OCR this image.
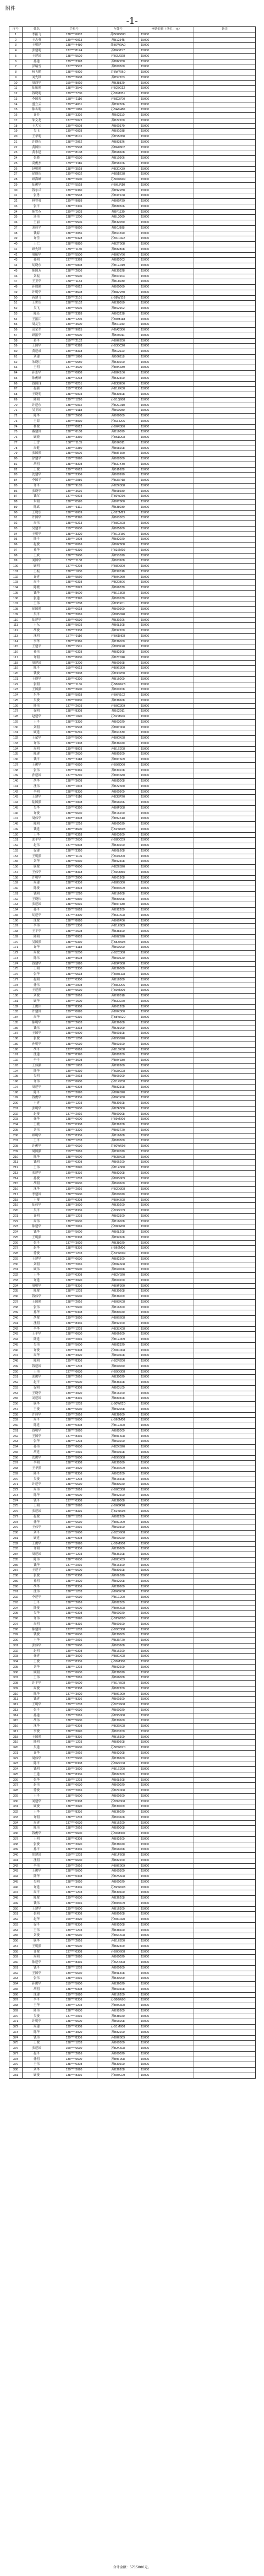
附件
-1-
序号	姓名	手机号	车牌号	补贴金额（单位：元）	备注
1	李振飞	138****6002	苏B086800	15000	
2	王志勇	139****0013	苏B12345	15000	
3	王明建	138****4480	苏B9W0A0	15000	
4	张建明	137****8124	苏B608Y7	15000	
5	王建国	138****5520	苏B3U028	15000	
6	孙建	139****3328	苏B8Z260	15000	
7	彭瑞雪	137****9502	苏B00500	15000	
8	杨飞鹏	138****9920	苏BW7960	15000	
9	刘先锋	139****3608	苏B57203	15000	
10	周润华	159****8010	苏B38829	15000	
11	陆振强	138****3540	苏B25G12	15000	
12	钱晓明	139****7700	苏B9M051	15000	
13	李国荣	138****2110	苏BD3700	15000	
14	盛立云	139****4031	苏B92306	15000	
15	陈冬明	138****1086	苏BA6H80	15000	
16	许芳	138****3326	苏B82110	15000	
17	朱文龙	137****5072	苏B22200	15000	
18	王大宝	139****0508	苏B00370	15000	
19	吴飞	139****6028	苏B91038	15000	
20	王华明	138****8101	苏BS5058	15000	
21	许晓东	138****2062	苏B83826	15000	
22	黄国伟	139****5508	苏BE0802	15000	
23	黄永建	159****8108	苏B68608	15000	
24	张晓	138****6530	苏B10906	15000	
25	高俊杰	139****2116	苏B58106	15000	
26	赵明强	138****3518	苏B30X39	15000	
27	徐晓东	139****6602	苏B51E38	15000	
28	顾海峰	138****2600	苏B00W09	15000	
29	陆俊华	137****5518	苏B6LR10	15000	
30	钱东兴	139****6360	苏B9Z280	15000	
31	张勇	138****5538	苏B3Y168	15000	
32	林智勇	139****9089	苏B09F39	15000	
33	张平	138****2306	苏B89506	15000	
34	陈雪芬	139****1603	苏BF1130	15000	
35	汤伟	138****1200	苏BL3060	15000	
36	王丽	139****5506	苏B32050	15000	
37	刘伟平	159****8020	苏B0J888	15000	
38	钱海	138****3056	苏B61390	15000	
39	许佳	139****0328	苏BC1022	15000	
40	王仁	138****8820	苏B2T008	15000	
41	顾先锋	139****1130	苏B82808	15000	
42	周振华	139****5500	苏B08Y66	15000	
43	孙明	137****3368	苏B82003	15000	
44	胡晓东	139****6808	苏B1E019	15000	
45	陈国芳	138****2036	苏B30328	15000	
46	刘振	139****5600	苏B01903	15000	
47	王卫华	138****1183	苏BL8030	15000	
48	孙晓强	139****6012	苏B00060	15000	
49	许明华	138****8608	苏B82V80	15000	
50	蒋建飞	139****2101	苏B8W118	15000	
51	王世东	138****5102	苏B38050	15000	
52	吴飞	139****6506	苏B62902	15000	
53	陈亮	138****3328	苏B03238	15000	
54	王振江	138****1205	苏B0M118	15000	
55	周友生	139****3600	苏B61190	15000	
56	高荣军	138****9015	苏BA2306	15000	
57	顾振华	139****0600	苏B59011	15000	
58	蒋平	159****2132	苏B0E200	15000	
59	王国华	138****0328	苏B30C20	15000	
60	黄建成	139****8318	苏B02110	15000	
61	刘建	138****1086	苏B66118	15000	
62	朱晓红	139****6550	苏B30200	15000	
63	王明	137****3600	苏B0K339	15000	
64	孙志华	139****0808	苏B8X106	15000	
65	陈俊峰	138****2218	苏B32300	15000	
66	钱国良	139****6201	苏B38E06	15000	
67	赵强	159****8336	苏B12K00	15000	
68	王晓明	138****5003	苏B30508	15000	
69	陆明	139****1220	苏B1Q688	15000	
70	许建东	138****6032	苏B2E010	15000	
71	吴卫国	139****9118	苏B60080	15000	
72	陈华	138****2608	苏B08009	15000	
73	王海	139****8030	苏B3H206	15000	
74	杨俊	137****0012	苏B6R380	15000	
75	戴建国	138****6108	苏B16099	15000	
76	顾晓	139****3360	苏B51D08	15000	
77	王雪	138****1105	苏B96011	15000	
78	周健	139****2380	苏B08208	15000	
79	张国强	138****5506	苏B8F360	15000	
80	徐建平	159****3020	苏B02000	15000	
81	胡明	138****8308	苏B30Y30	15000	
82	王俊	139****0613	苏B11628	15000	
83	沈建华	138****3306	苏B00990	15000	
84	李国平	139****2086	苏B36P18	15000	
85	许平	138****9105	苏B2E308	15000	
86	张晓华	139****3636	苏B08680	15000	
87	钱军	137****6003	苏B9W205	15000	
88	朱明	138****0520	苏B0T860	15000	
89	陈斌	139****3111	苏B38030	15000	
90	王晓东	138****6009	苏B20M29	15000	
91	许国华	139****8320	苏B61003	15000	
92	周伟	138****5213	苏B8C608	15000	
93	吴建军	159****0630	苏B05600	15000	
94	王明华	138****3320	苏B10R36	15000	
95	陆平	139****1008	苏B82020	15000	
96	赵俊	138****6016	苏B0Z808	15000	
97	孙华	139****9330	苏B36M10	15000	
98	王斌	138****2600	苏B51020	15000	
99	刘国华	139****1188	苏B03908	15000	
100	顾明	137****6208	苏B8D300	15000	
101	王振	138****1030	苏B92018	15000	
102	许建	139****5560	苏B0X960	15000	
103	周平	138****0338	苏B20B06	15000	
104	陈晓	139****3023	苏B66330	15000	
105	钱华	138****8600	苏B1E808	15000	
106	张建	159****3320	苏B00180	15000	
107	王伟	138****1208	苏B38X01	15000	
108	徐国强	139****6618	苏B60900	15000	
109	吴平	138****3016	苏B8S028	15000	
110	陆建华	139****0530	苏B30206	15000	
111	王东	138****5603	苏B0L308	15000	
112	胡俊	139****2338	苏B92200	15000	
113	沈明	137****9110	苏B61N08	15000	
114	李华	138****0366	苏B36000	15000	
115	王建平	139****1501	苏B03K20	15000	
116	孙伟	138****6328	苏B82908	15000	
117	许明	139****8030	苏B2T018	15000	
118	周建国	138****3200	苏B00668	15000	
119	陈平	159****0613	苏B9E300	15000	
120	钱俊	138****2008	苏B30P60	15000	
121	王晓华	139****6320	苏B16009	15000	
122	张明	138****1136	苏B80W28	15000	
123	王国强	139****3600	苏B00208	15000	
124	朱华	138****5018	苏B6R102	15000	
125	吴俊	139****0830	苏B38608	15000	
126	陆伟	137****2603	苏B0C309	15000	
127	徐明	138****8308	苏B92011	15000	
128	赵建华	139****1020	苏B2M606	15000	
129	王平	138****3330	苏B03020	15000	
130	刘明	139****6508	苏B8Y008	15000	
131	顾建	138****0216	苏B61330	15000	
132	王斌华	159****5600	苏B00K68	15000	
133	许伟	138****1308	苏B36020	15000	
134	周明	139****8003	苏B1E208	15000	
135	陈建	138****2630	苏B80300	15000	
136	钱平	139****3118	苏B0T609	15000	
137	王俊华	138****6020	苏B92D00	15000	
138	张伟	139****0366	苏B30108	15000	
139	孙建国	137****5210	苏B06S80	15000	
140	胡华	138****3608	苏B82008	15000	
141	沈伟	139****1003	苏B2Z360	15000	
142	李明	138****8330	苏B00909	15000	
143	王建华	139****6110	苏B38P20	15000	
144	陆国强	138****2008	苏B66006	15000	
145	吴华	159****0320	苏B0F308	15000	
146	许俊	138****5630	苏B16200	15000	
147	周伟华	139****3008	苏B92X18	15000	
148	陈明	138****1216	苏B60030	15000	
149	钱建	139****8600	苏B1W608	15000	
150	王华	138****0318	苏B03600	15000	
151	张平华	139****2630	苏B80C09	15000	
152	赵伟	137****6008	苏B30200	15000	
153	徐建	138****3320	苏B0L608	15000	
154	王明强	139****1106	苏B36R00	15000	
155	刘华	138****5030	苏B92308	15000	
156	顾俊	139****0600	苏B2E020	15000	
157	王伟华	138****8318	苏B00M60	15000	
158	许明华	159****2000	苏B61908	15000	
159	周建	138****6336	苏B8S300	15000	
160	陈俊	139****3003	苏B03K09	15000	
161	钱明	138****1220	苏B16608	15000	
162	王晓伟	139****6830	苏B80008	15000	
163	张建国	138****0016	苏B0T330	15000	
164	孙平	139****5618	苏B92200	15000	
165	胡建华	137****3300	苏B30X08	15000	
166	沈俊	138****8020	苏B66F06	15000	
167	李伟	139****1336	苏B1E009	15000	
168	王平华	138****2608	苏B38300	15000	
169	陆明	139****6003	苏B0Z620	15000	
170	吴国强	138****0330	苏B82W08	15000	
171	许华	159****3118	苏B60000	15000	
172	周俊	138****5200	苏B2C308	15000	
173	陈伟	139****8608	苏B00620	15000	
174	钱建华	138****1020	苏B9P008	15000	
175	王明	139****3330	苏B36060	15000	
176	张华	138****6518	苏B03R28	15000	
177	赵明	137****0300	苏B16300	15000	
178	徐伟	138****2008	苏B80D06	15000	
179	王建强	139****5630	苏B0M909	15000	
180	刘俊	138****3016	苏B92018	15000	
181	顾华	139****1600	苏B30E60	15000	
182	王俊伟	138****8308	苏B61208	15000	
183	许建国	139****0020	苏B0X300	15000	
184	周华	159****6336	苏B8W020	15000	
185	陈明华	138****2603	苏B36608	15000	
186	钱伟	139****3318	苏B2L009	15000	
187	王国华	138****5000	苏B00308	15000	
188	张俊	139****1208	苏B9S620	15000	
189	孙明华	138****6630	苏B03600	15000	
190	胡平	137****0016	苏B16K08	15000	
191	沈建	138****8320	苏B80200	15000	
192	李平	139****3608	苏B0Y330	15000	
193	王伟强	138****1003	苏B92600	15000	
194	陆华	139****5330	苏B38C08	15000	
195	吴明	138****2018	苏B66009	15000	
196	许伟	159****6600	苏B1R200	15000	
197	周建华	138****0308	苏B82308	15000	
198	陈平	139****3020	苏B0E020	15000	
199	钱俊华	138****8336	苏B60X60	15000	
200	王建	139****1203	苏B30608	15000	
201	张明华	138****5630	苏B2F300	15000	
202	赵俊	137****2016	苏B00008	15000	
203	徐华	138****6600	苏B9M009	15000	
204	王晓	139****0308	苏B36208	15000	
205	刘伟	138****3320	苏B03T20	15000	
206	顾明华	139****8336	苏B16608	15000	
207	王平	138****1203	苏B80300	15000	
208	许俊华	139****6630	苏B0W608	15000	
209	周国强	159****2016	苏B92020	15000	
210	陈华	138****5600	苏B38K08	15000	
211	钱明	139****0308	苏B66200	15000	
212	王伟	138****3020	苏B1E360	15000	
213	张建华	139****8336	苏B82008	15000	
214	孙俊	137****1203	苏B0S009	15000	
215	胡明	138****6630	苏B60600	15000	
216	沈华	139****2016	苏B2D308	15000	
217	李建国	138****5600	苏B00020	15000	
218	王俊	139****0308	苏B9X608	15000	
219	陆伟华	138****3020	苏B30200	15000	
220	吴平	159****8336	苏B36C09	15000	
221	许明	138****1203	苏B03300	15000	
222	周伟	139****6630	苏B16008	15000	
223	陈建华	138****2016	苏B80R60	15000	
224	钱华	139****5600	苏B0L208	15000	
225	王明强	138****0308	苏B92608	15000	
226	张平	137****3020	苏B38020	15000	
227	赵华	138****8336	苏B66M00	15000	
228	徐俊	139****1203	苏B1W009	15000	
229	王建华	138****6630	苏B82300	15000	
230	刘明	139****2016	苏B0E608	15000	
231	顾伟	138****5600	苏B60008	15000	
232	王华	159****0308	苏B2Y020	15000	
233	许建	138****3020	苏B00200	15000	
234	周明华	139****8336	苏B9F360	15000	
235	陈俊	138****1203	苏B30608	15000	
236	钱伟华	139****6630	苏B36009	15000	
237	王国强	138****2016	苏B03K08	15000	
238	张伟	137****5600	苏B16300	15000	
239	孙华	138****0308	苏B80020	15000	
240	胡俊	139****3020	苏B0S608	15000	
241	沈明	138****8336	苏B92200	15000	
242	李华	139****1203	苏B38X08	15000	
243	王平华	138****6630	苏B66600	15000	
244	陆建	159****2016	苏B1E009	15000	
245	吴伟	138****5600	苏B82320	15000	
246	许俊	139****0308	苏B0C008	15000	
247	周华	138****3020	苏B60608	15000	
248	陈明	139****8336	苏B2R200	15000	
249	钱建国	138****1203	苏B00060	15000	
250	王伟	137****6630	苏B9D308	15000	
251	张俊华	138****2016	苏B30020	15000	
252	赵平	139****5600	苏B36608	15000	
253	徐明	138****0308	苏B03L09	15000	
254	王晓华	139****3020	苏B16200	15000	
255	刘建国	138****8336	苏B80308	15000	
256	顾华	159****1203	苏B0W020	15000	
257	王俊	138****6630	苏B92008	15000	
258	许伟华	139****2016	苏B38600	15000	
259	周平	138****5600	苏B66M08	15000	
260	陈建	139****0308	苏B1E300	15000	
261	钱明华	138****3020	苏B82009	15000	
262	王国华	137****8336	苏B0F608	15000	
263	张华	138****1203	苏B60200	15000	
264	孙伟	139****6630	苏B2X020	15000	
265	胡建	138****2016	苏B00608	15000	
266	沈俊华	139****5600	苏B9S008	15000	
267	李明	138****0308	苏B30360	15000	
268	王华强	159****3020	苏B36K09	15000	
269	陆平	138****8336	苏B03200	15000	
270	吴俊	139****1203	苏B16608	15000	
271	许建华	138****6630	苏B80020	15000	
272	周伟	139****2016	苏B0C308	15000	
273	陈华	138****5600	苏B92600	15000	
274	钱平	137****0308	苏B38008	15000	
275	王明	138****3020	苏B66R20	15000	
276	张建国	139****8336	苏B1W608	15000	
277	赵俊	138****1203	苏B82200	15000	
278	徐华	139****6630	苏B0E009	15000	
279	王伟华	138****2016	苏B60300	15000	
280	刘平	159****5600	苏B2D608	15000	
281	顾建	138****0308	苏B00020	15000	
282	王俊华	139****3020	苏B9M008	15000	
283	许明	138****8336	苏B30600	15000	
284	周建国	139****1203	苏B36208	15000	
285	陈伟	138****6630	苏B03X09	15000	
286	钱华	137****2016	苏B16300	15000	
287	王建平	138****5600	苏B80608	15000	
288	张俊	139****0308	苏B0L020	15000	
289	孙明	138****3020	苏B92008	15000	
290	胡华	139****8336	苏B38600	15000	
291	沈伟	138****1203	苏B66K08	15000	
292	李建华	159****6630	苏B1E200	15000	
293	王平	138****2016	苏B82309	15000	
294	陆俊	139****5600	苏B0S608	15000	
295	吴华	138****0308	苏B60020	15000	
296	许伟	139****3020	苏B2W008	15000	
297	周明	138****8336	苏B00600	15000	
298	陈建国	137****1203	苏B9C308	15000	
299	钱俊	138****6630	苏B30009	15000	
300	王华	139****2016	苏B36F20	15000	
301	张伟华	138****5600	苏B03608	15000	
302	赵明	139****0308	苏B16200	15000	
303	徐建	138****3020	苏B80X08	15000	
304	王俊	159****8336	苏B0M300	15000	
305	刘华	138****1203	苏B92609	15000	
306	顾明	139****6630	苏B38020	15000	
307	王伟	138****2016	苏B66008	15000	
308	许平华	139****5600	苏B1R608	15000	
309	周俊	138****0308	苏B82200	15000	
310	陈华	137****3020	苏B0E009	15000	
311	钱建	138****8336	苏B60300	15000	
312	王明华	139****1203	苏B2D608	15000	
313	张平	138****6630	苏B00020	15000	
314	孙建	139****2016	苏B9S008	15000	
315	胡伟	138****5600	苏B30600	15000	
316	沈华	159****0308	苏B36K08	15000	
317	李俊	138****3020	苏B03200	15000	
318	王国强	139****8336	苏B16309	15000	
319	陆明	138****1203	苏B80608	15000	
320	吴建	139****6630	苏B0W020	15000	
321	许华	138****2016	苏B92008	15000	
322	周伟华	137****5600	苏B38600	15000	
323	陈平	138****0308	苏B66C08	15000	
324	钱明	139****3020	苏B1E200	15000	
325	王建	138****8336	苏B82309	15000	
326	张华	139****1203	苏B0L608	15000	
327	赵伟	138****6630	苏B60020	15000	
328	徐俊	159****2016	苏B2X008	15000	
329	王平	138****5600	苏B00600	15000	
330	刘建华	139****0308	苏B9R308	15000	
331	顾俊	138****3020	苏B30009	15000	
332	王华	139****8336	苏B36020	15000	
333	许明	138****1203	苏B03608	15000	
334	周建	137****6630	苏B16200	15000	
335	陈伟	138****2016	苏B80008	15000	
336	钱俊华	139****5600	苏B0M300	15000	
337	王明	138****0308	苏B92609	15000	
338	张俊	139****3020	苏B38020	15000	
339	孙平	138****8336	苏B66008	15000	
340	胡建国	159****1203	苏B1F608	15000	
341	沈明	138****6630	苏B82200	15000	
342	李伟	139****2016	苏B0E009	15000	
343	王俊华	138****5600	苏B60300	15000	
344	陆华	139****0308	苏B2S608	15000	
345	吴明	138****3020	苏B00020	15000	
346	许建	137****8336	苏B9W008	15000	
347	周平	138****1203	苏B30600	15000	
348	陈俊	139****6630	苏B36208	15000	
349	钱伟	138****2016	苏B03K09	15000	
350	王建华	139****5600	苏B16300	15000	
351	张明	138****0308	苏B80608	15000	
352	赵华	159****3020	苏B0C020	15000	
353	徐平	138****8336	苏B92008	15000	
354	王伟	139****1203	苏B38600	15000	
355	刘俊	138****6630	苏B66X08	15000	
356	顾华	139****2016	苏B1E200	15000	
357	王明强	138****5600	苏B82309	15000	
358	许俊	137****0308	苏B0D608	15000	
359	周明	138****3020	苏B60020	15000	
360	陈建华	139****8336	苏B2R008	15000	
361	钱平	138****1203	苏B00600	15000	
362	王国华	139****6630	苏B9L308	15000	
363	张伟	138****2016	苏B30009	15000	
364	孙俊华	159****5600	苏B36020	15000	
365	胡明	138****0308	苏B03608	15000	
366	沈建	139****3020	苏B16200	15000	
367	李平	138****8336	苏B80W08	15000	
368	王华	139****1203	苏B0S300	15000	
369	陆伟	138****6630	苏B92609	15000	
370	吴俊	137****2016	苏B38020	15000	
371	许明华	138****5600	苏B66008	15000	
372	周建	139****0308	苏B1M608	15000	
373	陈华	138****3020	苏B82200	15000	
374	钱伟	139****8336	苏B0E009	15000	
375	王俊	138****1203	苏B60300	15000	
376	张建国	159****6630	苏B2K608	15000	
377	赵平	138****2016	苏B00020	15000	
378	徐明	139****5600	苏B9F008	15000	
379	王伟	138****0308	苏B30600	15000	
380	刘华	139****3020	苏B36208	15000	
381	顾俊	138****8336	苏B03C09	15000	
合计金额：5715000元。
